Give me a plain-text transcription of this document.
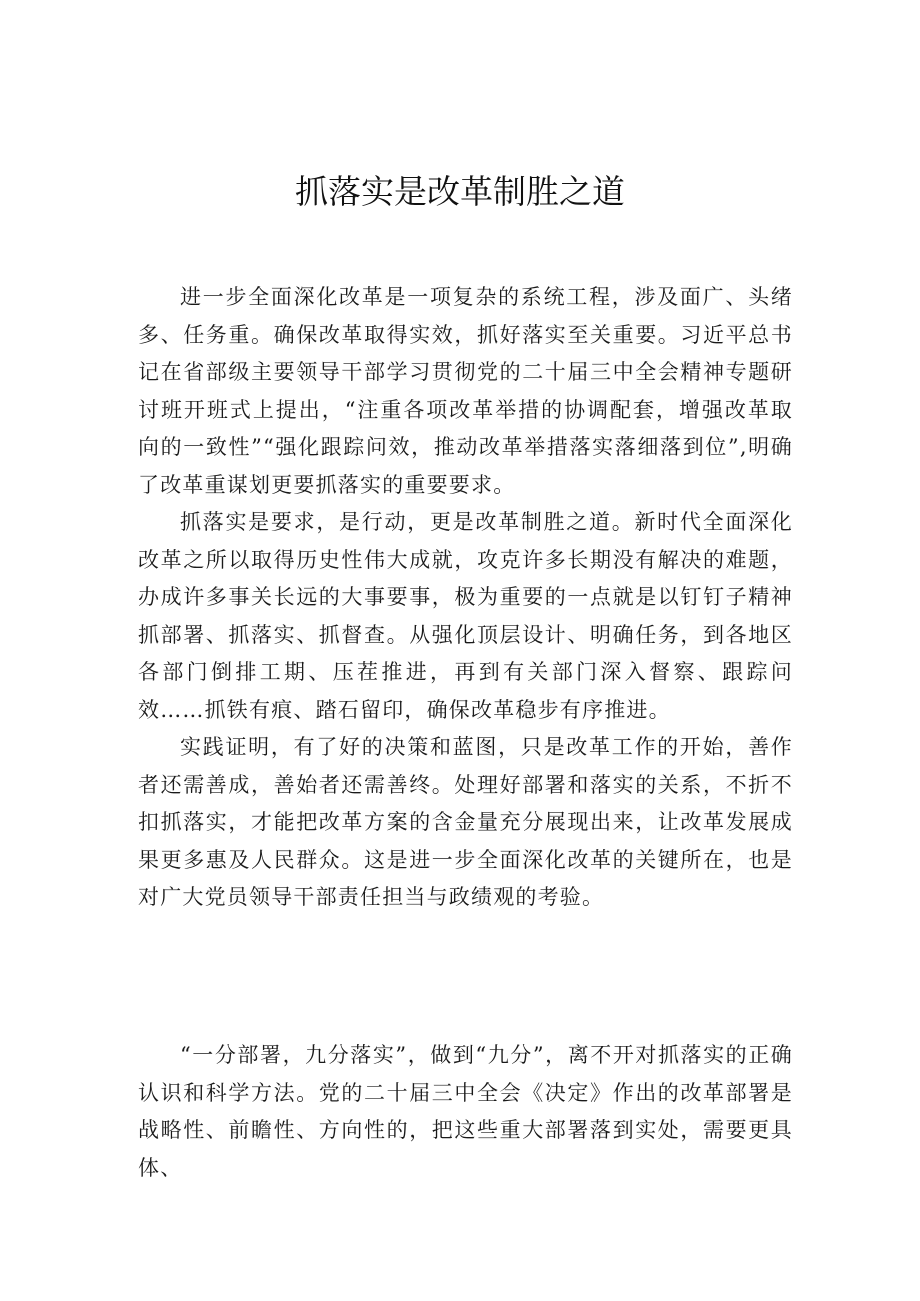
抓落实是改革制胜之道

进一步全面深化改革是一项复杂的系统工程，涉及面广、头绪多、任务重。确保改革取得实效，抓好落实至关重要。习近平总书记在省部级主要领导干部学习贯彻党的二十届三中全会精神专题研讨班开班式上提出，“注重各项改革举措的协调配套，增强改革取向的一致性”“强化跟踪问效，推动改革举措落实落细落到位”,明确了改革重谋划更要抓落实的重要要求。

抓落实是要求，是行动，更是改革制胜之道。新时代全面深化改革之所以取得历史性伟大成就，攻克许多长期没有解决的难题，办成许多事关长远的大事要事，极为重要的一点就是以钉钉子精神抓部署、抓落实、抓督查。从强化顶层设计、明确任务，到各地区各部门倒排工期、压茬推进，再到有关部门深入督察、跟踪问效……抓铁有痕、踏石留印，确保改革稳步有序推进。

实践证明，有了好的决策和蓝图，只是改革工作的开始，善作者还需善成，善始者还需善终。处理好部署和落实的关系，不折不扣抓落实，才能把改革方案的含金量充分展现出来，让改革发展成果更多惠及人民群众。这是进一步全面深化改革的关键所在，也是对广大党员领导干部责任担当与政绩观的考验。

“一分部署，九分落实”，做到“九分”，离不开对抓落实的正确认识和科学方法。党的二十届三中全会《决定》作出的改革部署是战略性、前瞻性、方向性的，把这些重大部署落到实处，需要更具体、
